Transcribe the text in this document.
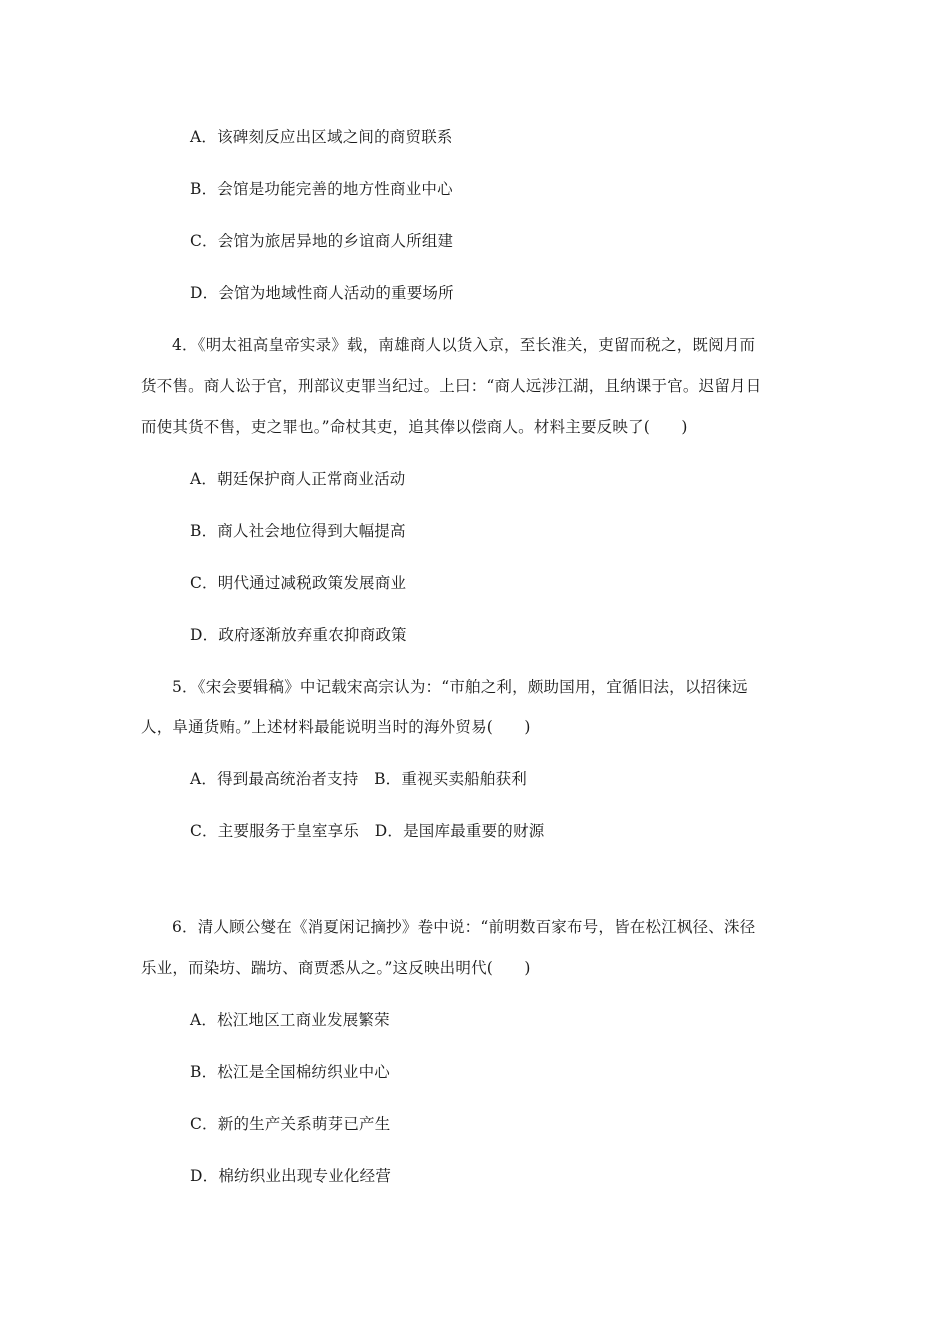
A．该碑刻反应出区域之间的商贸联系
B．会馆是功能完善的地方性商业中心
C．会馆为旅居异地的乡谊商人所组建
D．会馆为地域性商人活动的重要场所
4．《明太祖高皇帝实录》载，南雄商人以货入京，至长淮关，吏留而税之，既阅月而
货不售。商人讼于官，刑部议吏罪当纪过。上曰：“商人远涉江湖，且纳课于官。迟留月日
而使其货不售，吏之罪也。”命杖其吏，追其俸以偿商人。材料主要反映了(　　)
A．朝廷保护商人正常商业活动
B．商人社会地位得到大幅提高
C．明代通过减税政策发展商业
D．政府逐渐放弃重农抑商政策
5．《宋会要辑稿》中记载宋高宗认为：“市舶之利，颇助国用，宜循旧法，以招徕远
人，阜通货贿。”上述材料最能说明当时的海外贸易(　　)
A．得到最高统治者支持　B．重视买卖船舶获利
C．主要服务于皇室享乐　D．是国库最重要的财源
6．清人顾公燮在《消夏闲记摘抄》卷中说：“前明数百家布号，皆在松江枫径、洙径
乐业，而染坊、踹坊、商贾悉从之。”这反映出明代(　　)
A．松江地区工商业发展繁荣
B．松江是全国棉纺织业中心
C．新的生产关系萌芽已产生
D．棉纺织业出现专业化经营
